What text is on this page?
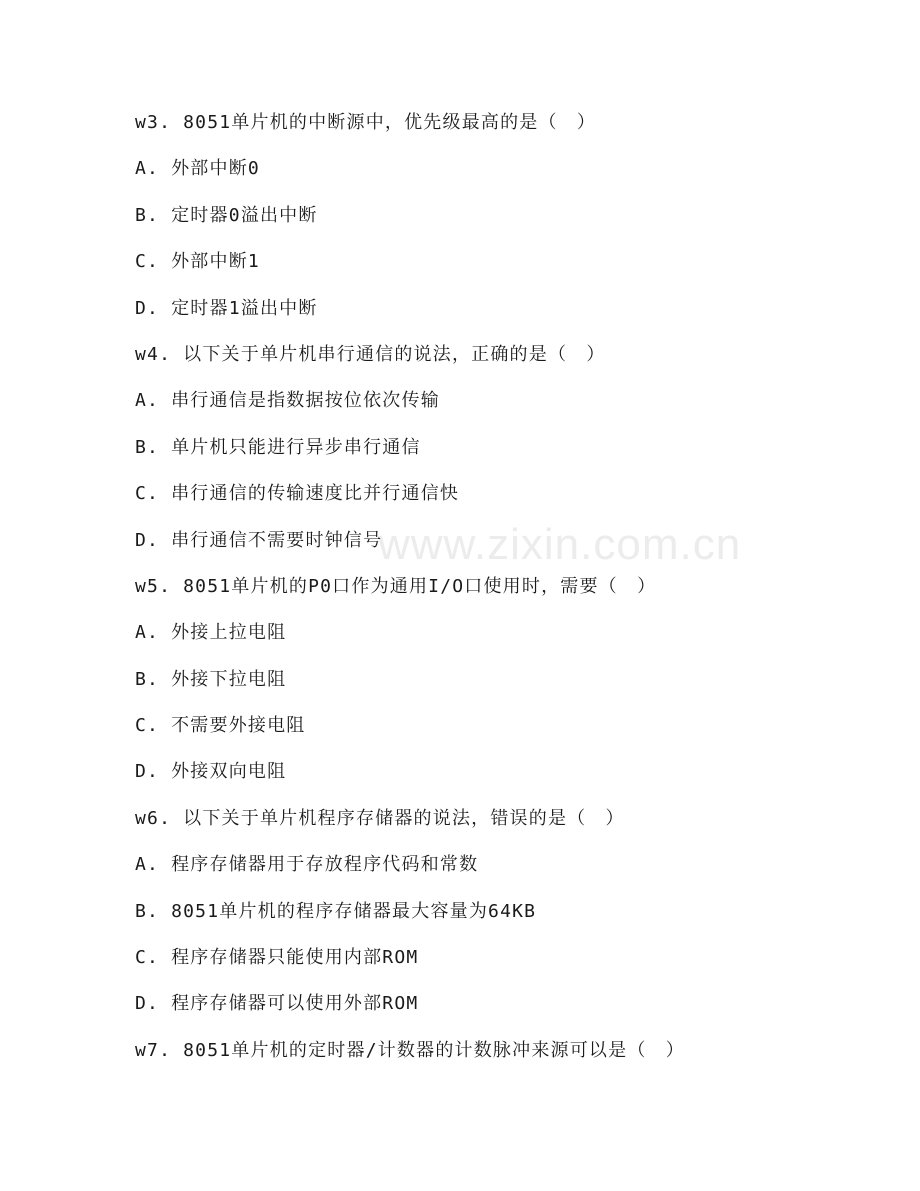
www.zixin.com.cn
w3. 8051单片机的中断源中，优先级最高的是（　）
A. 外部中断0
B. 定时器0溢出中断
C. 外部中断1
D. 定时器1溢出中断
w4. 以下关于单片机串行通信的说法，正确的是（　）
A. 串行通信是指数据按位依次传输
B. 单片机只能进行异步串行通信
C. 串行通信的传输速度比并行通信快
D. 串行通信不需要时钟信号
w5. 8051单片机的P0口作为通用I/O口使用时，需要（　）
A. 外接上拉电阻
B. 外接下拉电阻
C. 不需要外接电阻
D. 外接双向电阻
w6. 以下关于单片机程序存储器的说法，错误的是（　）
A. 程序存储器用于存放程序代码和常数
B. 8051单片机的程序存储器最大容量为64KB
C. 程序存储器只能使用内部ROM
D. 程序存储器可以使用外部ROM
w7. 8051单片机的定时器/计数器的计数脉冲来源可以是（　）
